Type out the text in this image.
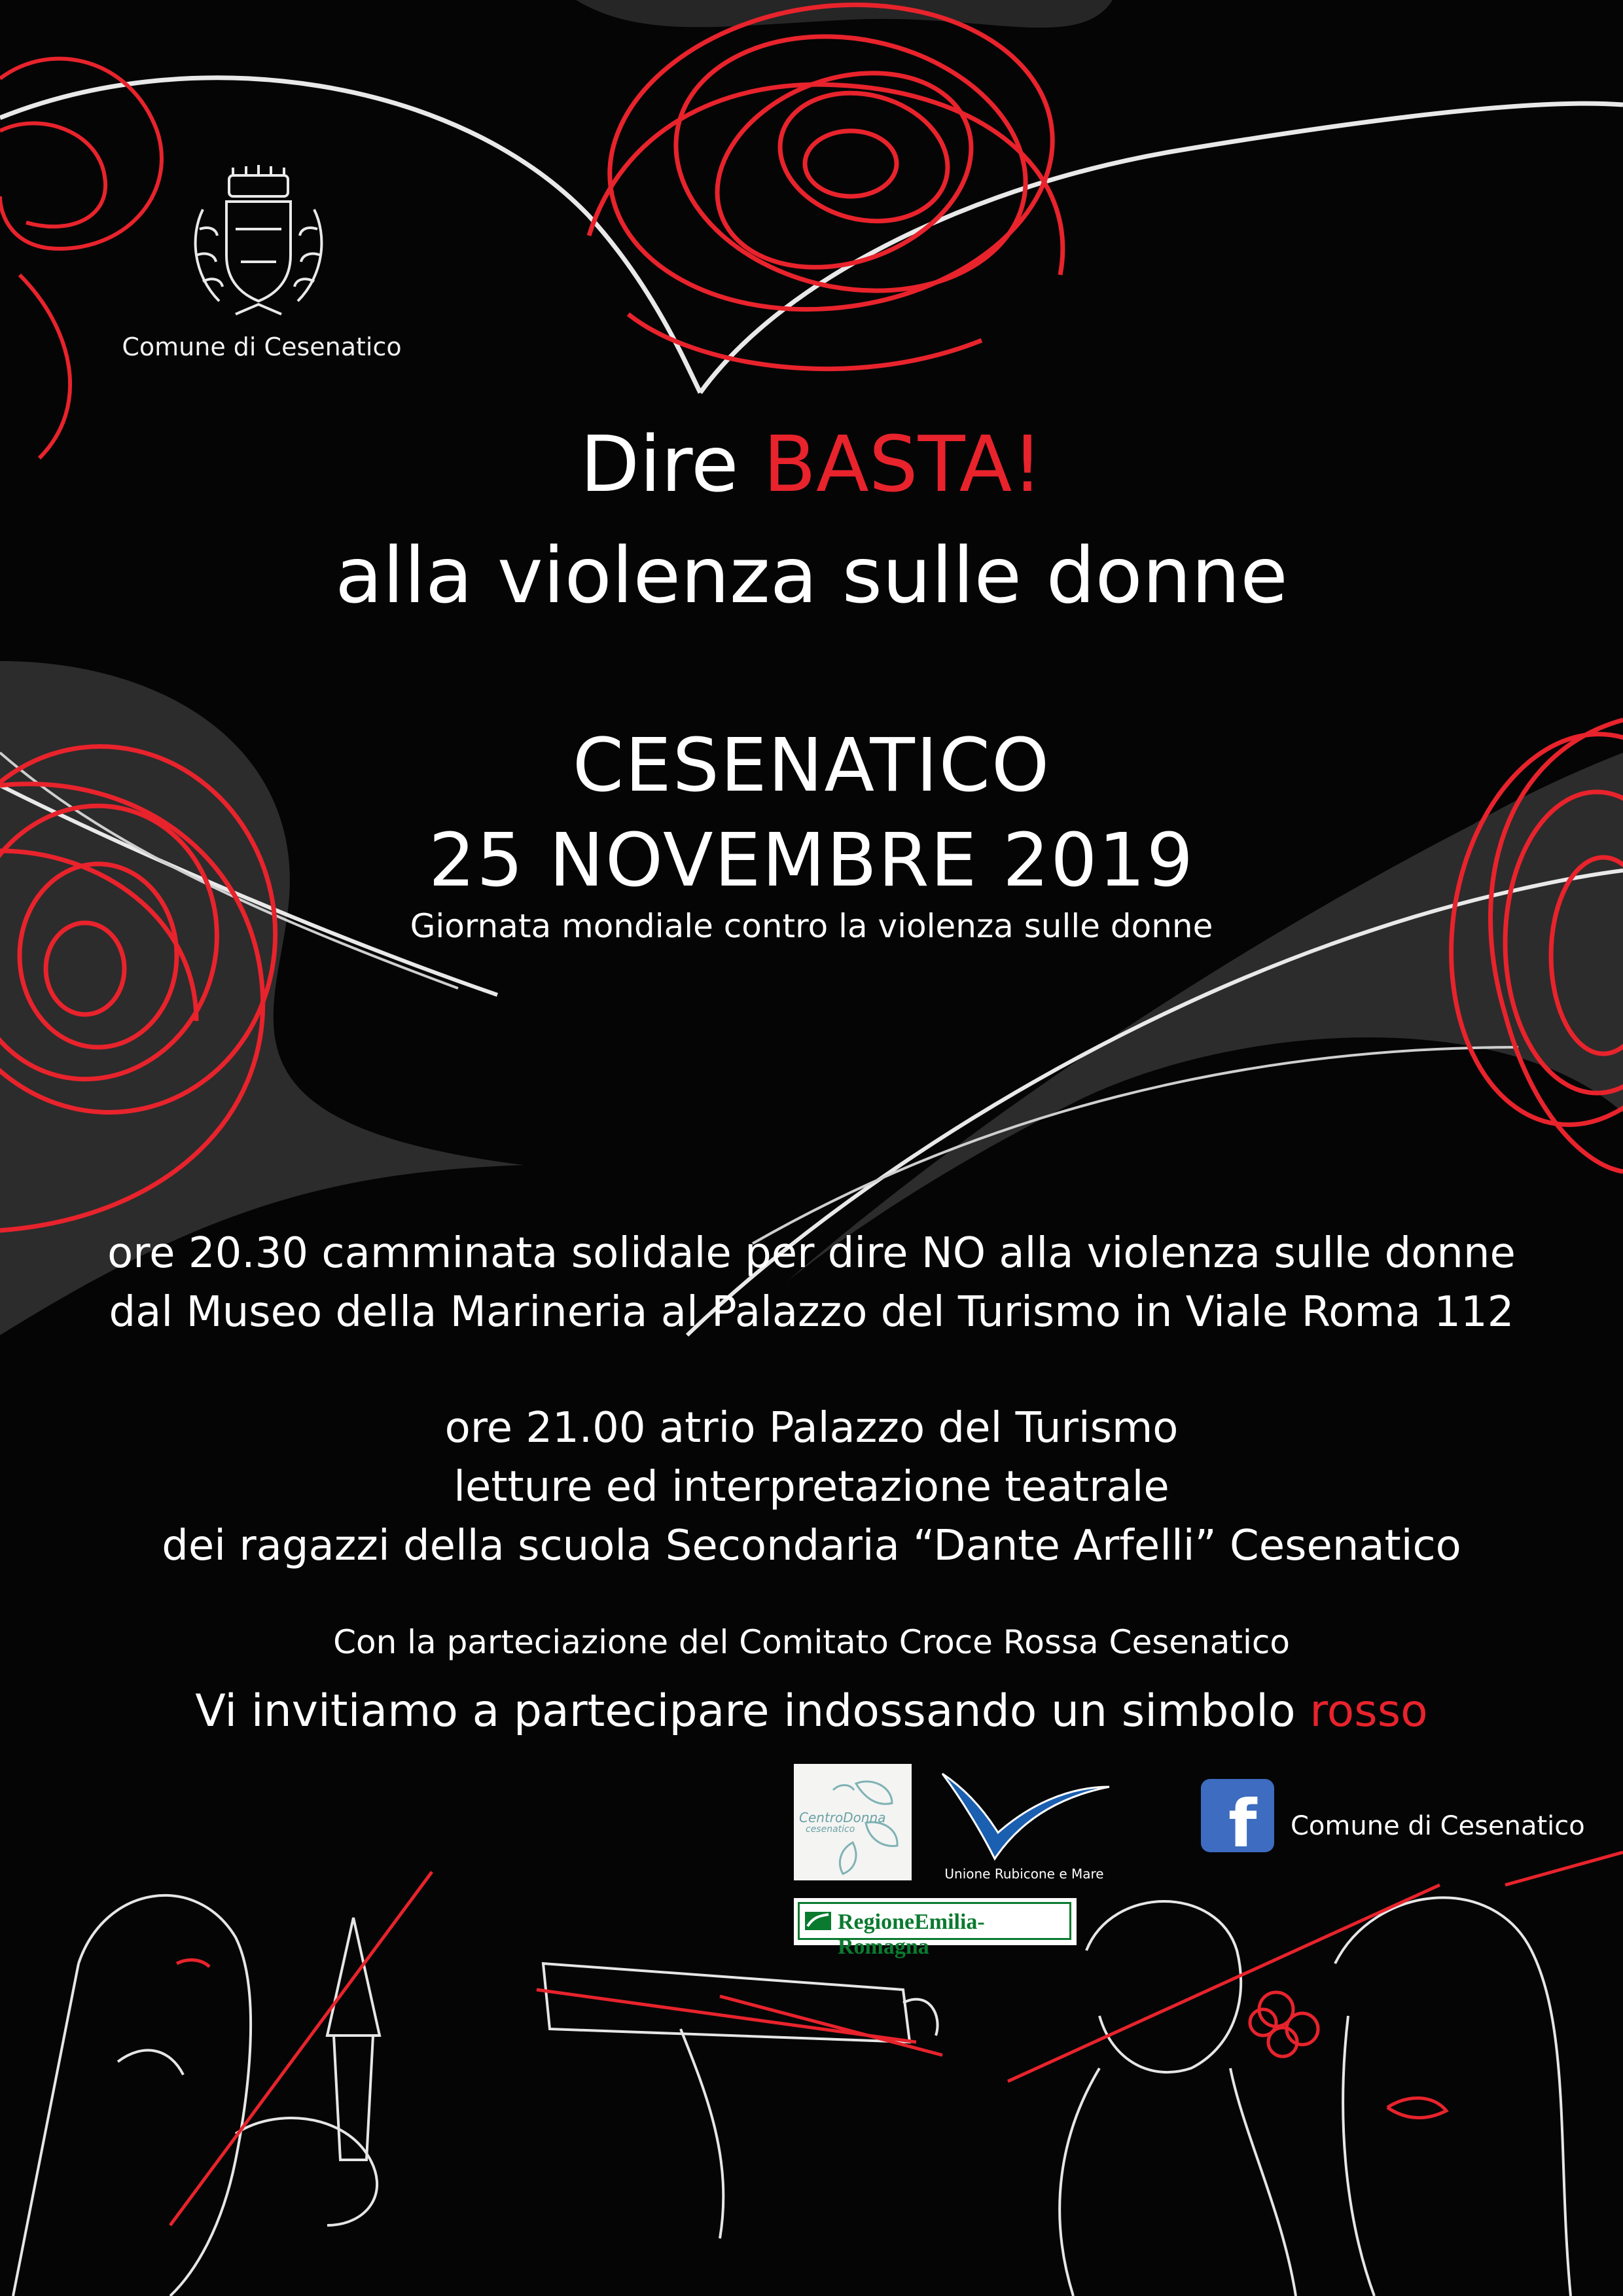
Comune di Cesenatico
Dire BASTA!
alla violenza sulle donne
CESENATICO
25 NOVEMBRE 2019
Giornata mondiale contro la violenza sulle donne
ore 20.30 camminata solidale per dire NO alla violenza sulle donne
dal Museo della Marineria al Palazzo del Turismo in Viale Roma 112
ore 21.00 atrio Palazzo del Turismo
letture ed interpretazione teatrale
dei ragazzi della scuola Secondaria “Dante Arfelli” Cesenatico
Con la parteciazione del Comitato Croce Rossa Cesenatico
Vi invitiamo a partecipare indossando un simbolo rosso
CentroDonna
cesenatico
Unione Rubicone e Mare
RegioneEmilia-Romagna
f Comune di Cesenatico
